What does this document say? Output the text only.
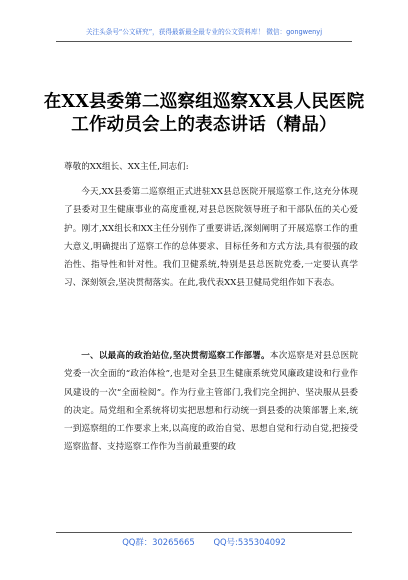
关注头条号“公文研究”，获得最新最全最专业的公文资料库！ 微信：gongwenyj
在XX县委第二巡察组巡察XX县人民医院
工作动员会上的表态讲话（精品）
尊敬的XX组长、XX主任,同志们:
今天,XX县委第二巡察组正式进驻XX县总医院开展巡察工作,这充分体现了县委对卫生健康事业的高度重视,对县总医院领导班子和干部队伍的关心爱护。刚才,XX组长和XX主任分别作了重要讲话,深刻阐明了开展巡察工作的重大意义,明确提出了巡察工作的总体要求、目标任务和方式方法,具有很强的政治性、指导性和针对性。我们卫健系统,特别是县总医院党委,一定要认真学习、深刻领会,坚决贯彻落实。在此,我代表XX县卫健局党组作如下表态。
一、以最高的政治站位,坚决贯彻巡察工作部署。本次巡察是对县总医院党委一次全面的“政治体检”,也是对全县卫生健康系统党风廉政建设和行业作风建设的一次“全面检阅”。作为行业主管部门,我们完全拥护、坚决服从县委的决定。局党组和全系统将切实把思想和行动统一到县委的决策部署上来,统一到巡察组的工作要求上来,以高度的政治自觉、思想自觉和行动自觉,把接受巡察监督、支持巡察工作作为当前最重要的政
QQ群：30265665 QQ号:535304092
